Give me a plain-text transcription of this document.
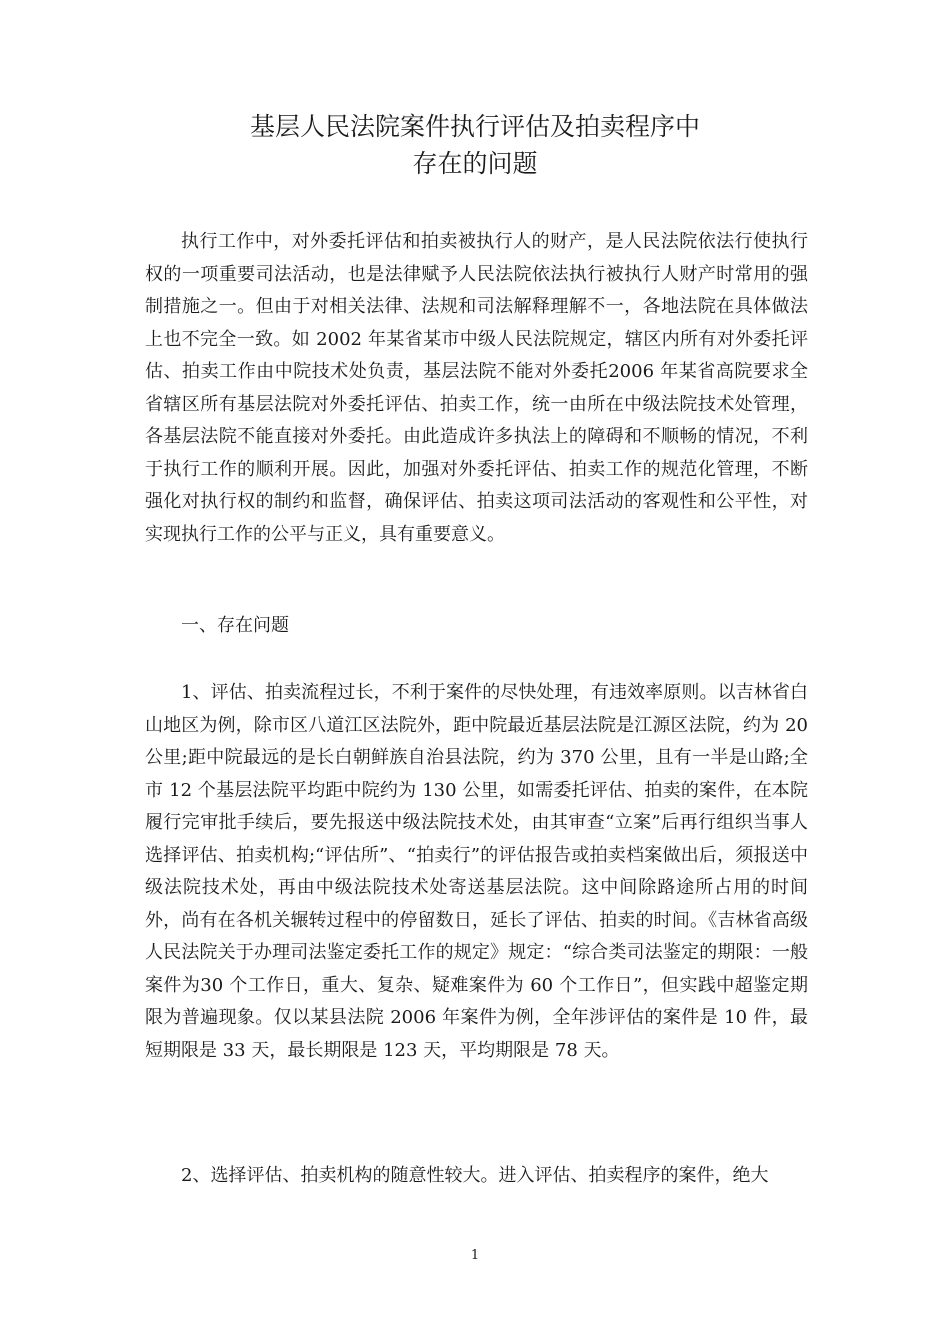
基层人民法院案件执行评估及拍卖程序中
存在的问题

执行工作中，对外委托评估和拍卖被执行人的财产，是人民法院依法行使执行权的一项重要司法活动，也是法律赋予人民法院依法执行被执行人财产时常用的强制措施之一。但由于对相关法律、法规和司法解释理解不一，各地法院在具体做法上也不完全一致。如 2002 年某省某市中级人民法院规定，辖区内所有对外委托评估、拍卖工作由中院技术处负责，基层法院不能对外委托2006 年某省高院要求全省辖区所有基层法院对外委托评估、拍卖工作，统一由所在中级法院技术处管理，各基层法院不能直接对外委托。由此造成许多执法上的障碍和不顺畅的情况，不利于执行工作的顺利开展。因此，加强对外委托评估、拍卖工作的规范化管理，不断强化对执行权的制约和监督，确保评估、拍卖这项司法活动的客观性和公平性，对实现执行工作的公平与正义，具有重要意义。

一、存在问题

1、评估、拍卖流程过长，不利于案件的尽快处理，有违效率原则。以吉林省白山地区为例，除市区八道江区法院外，距中院最近基层法院是江源区法院，约为 20 公里;距中院最远的是长白朝鲜族自治县法院，约为 370 公里，且有一半是山路;全市 12 个基层法院平均距中院约为 130 公里，如需委托评估、拍卖的案件，在本院履行完审批手续后，要先报送中级法院技术处，由其审查“立案”后再行组织当事人选择评估、拍卖机构;“评估所”、“拍卖行”的评估报告或拍卖档案做出后，须报送中级法院技术处，再由中级法院技术处寄送基层法院。这中间除路途所占用的时间外，尚有在各机关辗转过程中的停留数日，延长了评估、拍卖的时间。《吉林省高级人民法院关于办理司法鉴定委托工作的规定》规定：“综合类司法鉴定的期限：一般案件为30 个工作日，重大、复杂、疑难案件为 60 个工作日”，但实践中超鉴定期限为普遍现象。仅以某县法院 2006 年案件为例，全年涉评估的案件是 10 件，最短期限是 33 天，最长期限是 123 天，平均期限是 78 天。

2、选择评估、拍卖机构的随意性较大。进入评估、拍卖程序的案件，绝大

1
